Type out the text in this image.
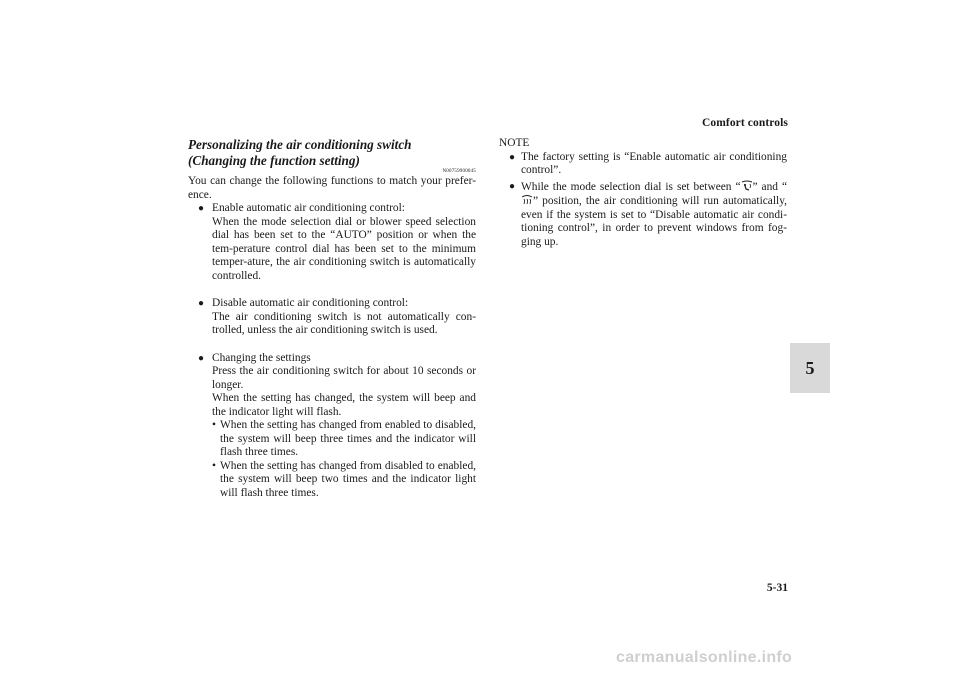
Comfort controls
Personalizing the air conditioning switch (Changing the function setting)
N00759900045

You can change the following functions to match your prefer-ence.

● Enable automatic air conditioning control:

When the mode selection dial or blower speed selection dial has been set to the “AUTO” position or when the tem-perature control dial has been set to the minimum temper-ature, the air conditioning switch is automatically controlled.

● Disable automatic air conditioning control:

The air conditioning switch is not automatically con-trolled, unless the air conditioning switch is used.

● Changing the settings

Press the air conditioning switch for about 10 seconds or longer.

When the setting has changed, the system will beep and the indicator light will flash.

• When the setting has changed from enabled to disabled, the system will beep three times and the indicator will flash three times.

• When the setting has changed from disabled to enabled, the system will beep two times and the indicator light will flash three times.

NOTE
● The factory setting is “Enable automatic air conditioning control”.

● While the mode selection dial is set between “ ” and “” position, the air conditioning will run automatically, even if the system is set to “Disable automatic air condi-tioning control”, in order to prevent windows from fog-ging up.

5
5-31
carmanualsonline.info
